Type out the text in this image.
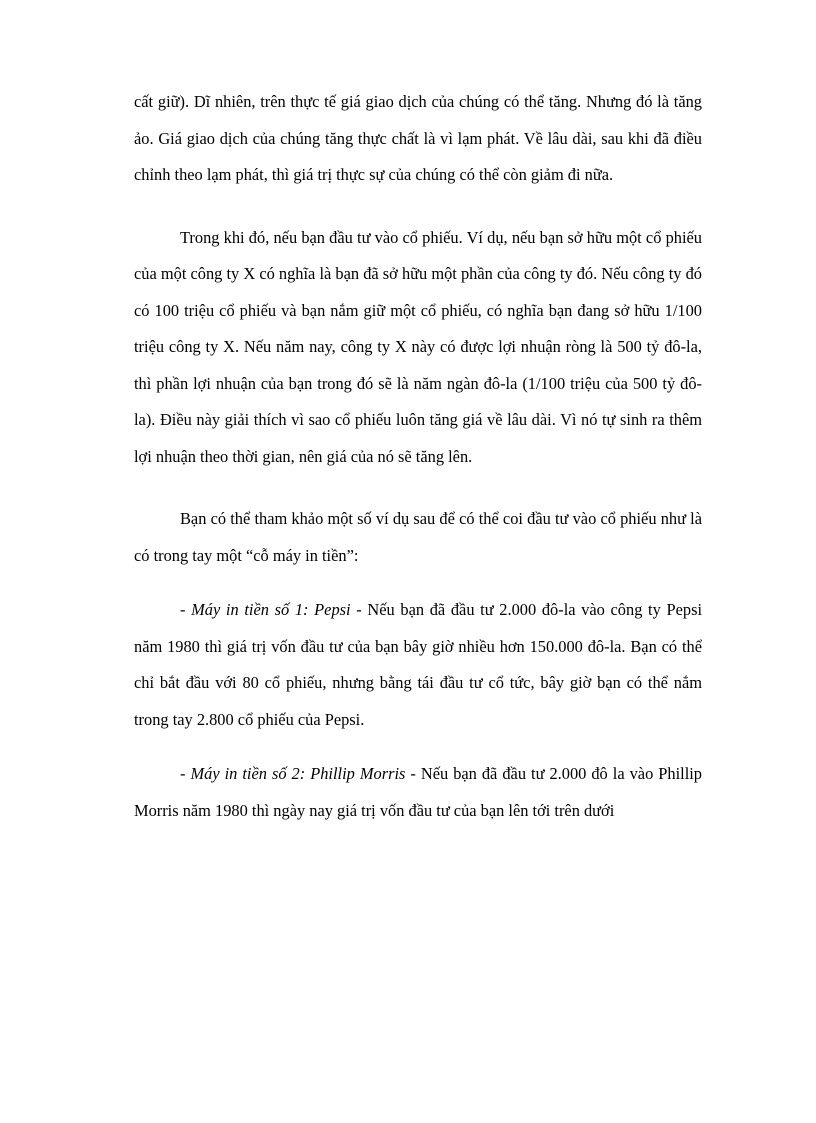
cất giữ). Dĩ nhiên, trên thực tế giá giao dịch của chúng có thể tăng. Nhưng đó là tăng ảo. Giá giao dịch của chúng tăng thực chất là vì lạm phát. Về lâu dài, sau khi đã điều chỉnh theo lạm phát, thì giá trị thực sự của chúng có thể còn giảm đi nữa.

Trong khi đó, nếu bạn đầu tư vào cổ phiếu. Ví dụ, nếu bạn sở hữu một cổ phiếu của một công ty X có nghĩa là bạn đã sở hữu một phần của công ty đó. Nếu công ty đó có 100 triệu cổ phiếu và bạn nắm giữ một cổ phiếu, có nghĩa bạn đang sở hữu 1/100 triệu công ty X. Nếu năm nay, công ty X này có được lợi nhuận ròng là 500 tỷ đô-la, thì phần lợi nhuận của bạn trong đó sẽ là năm ngàn đô-la (1/100 triệu của 500 tỷ đô-la). Điều này giải thích vì sao cổ phiếu luôn tăng giá về lâu dài. Vì nó tự sinh ra thêm lợi nhuận theo thời gian, nên giá của nó sẽ tăng lên.

Bạn có thể tham khảo một số ví dụ sau để có thể coi đầu tư vào cổ phiếu như là có trong tay một “cỗ máy in tiền”:

- Máy in tiền số 1: Pepsi - Nếu bạn đã đầu tư 2.000 đô-la vào công ty Pepsi năm 1980 thì giá trị vốn đầu tư của bạn bây giờ nhiều hơn 150.000 đô-la. Bạn có thể chỉ bắt đầu với 80 cổ phiếu, nhưng bằng tái đầu tư cổ tức, bây giờ bạn có thể nắm trong tay 2.800 cổ phiếu của Pepsi.

- Máy in tiền số 2: Phillip Morris - Nếu bạn đã đầu tư 2.000 đô la vào Phillip Morris năm 1980 thì ngày nay giá trị vốn đầu tư của bạn lên tới trên dưới
